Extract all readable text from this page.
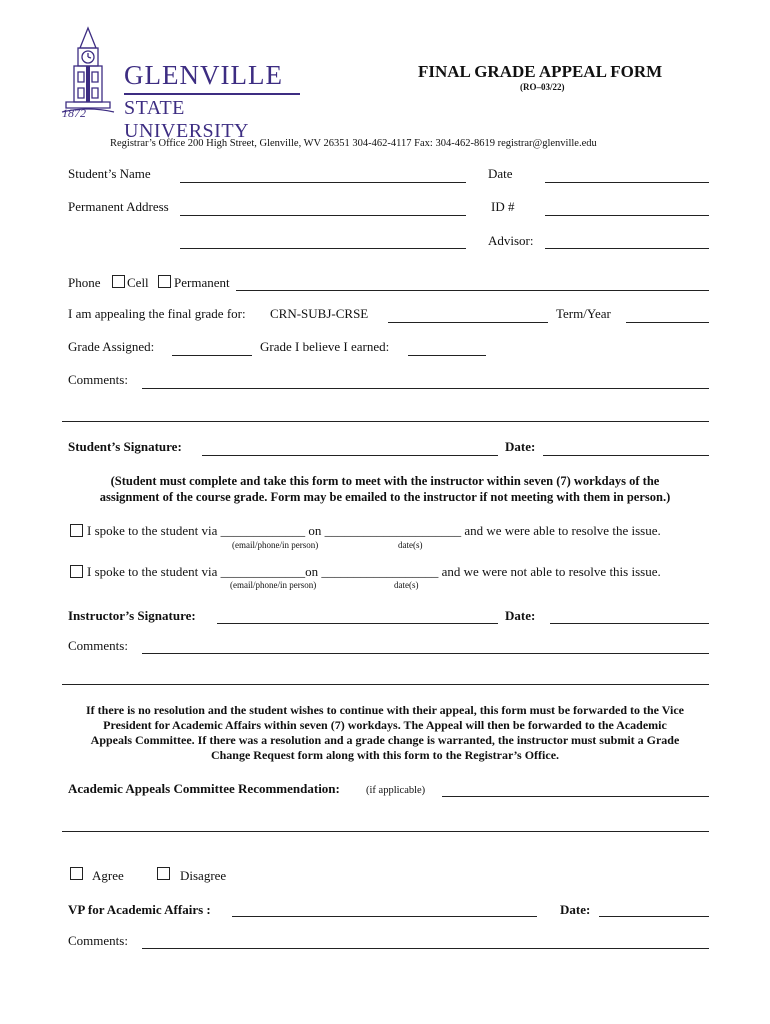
1872
GLENVILLE
STATE UNIVERSITY
FINAL GRADE APPEAL FORM
(RO–03/22)
Registrar’s Office 200 High Street, Glenville, WV 26351 304-462-4117 Fax: 304-462-8619 registrar@glenville.edu
Student’s Name	Date
Permanent Address	ID #
Advisor:
Phone Cell Permanent
I am appealing the final grade for: CRN-SUBJ-CRSE	Term/Year
Grade Assigned:	Grade I believe I earned:
Comments:
Student’s Signature:	Date:
(Student must complete and take this form to meet with the instructor within seven (7) workdays of the
assignment of the course grade. Form may be emailed to the instructor if not meeting with them in person.)
I spoke to the student via _____________ on _____________________ and we were able to resolve the issue.
(email/phone/in person)	date(s)
I spoke to the student via _____________on __________________ and we were not able to resolve this issue.
(email/phone/in person)	date(s)
Instructor’s Signature:	Date:
Comments:
If there is no resolution and the student wishes to continue with their appeal, this form must be forwarded to the Vice
President for Academic Affairs within seven (7) workdays. The Appeal will then be forwarded to the Academic
Appeals Committee. If there was a resolution and a grade change is warranted, the instructor must submit a Grade
Change Request form along with this form to the Registrar’s Office.
Academic Appeals Committee Recommendation: (if applicable)
Agree	Disagree
VP for Academic Affairs :	Date:
Comments:
